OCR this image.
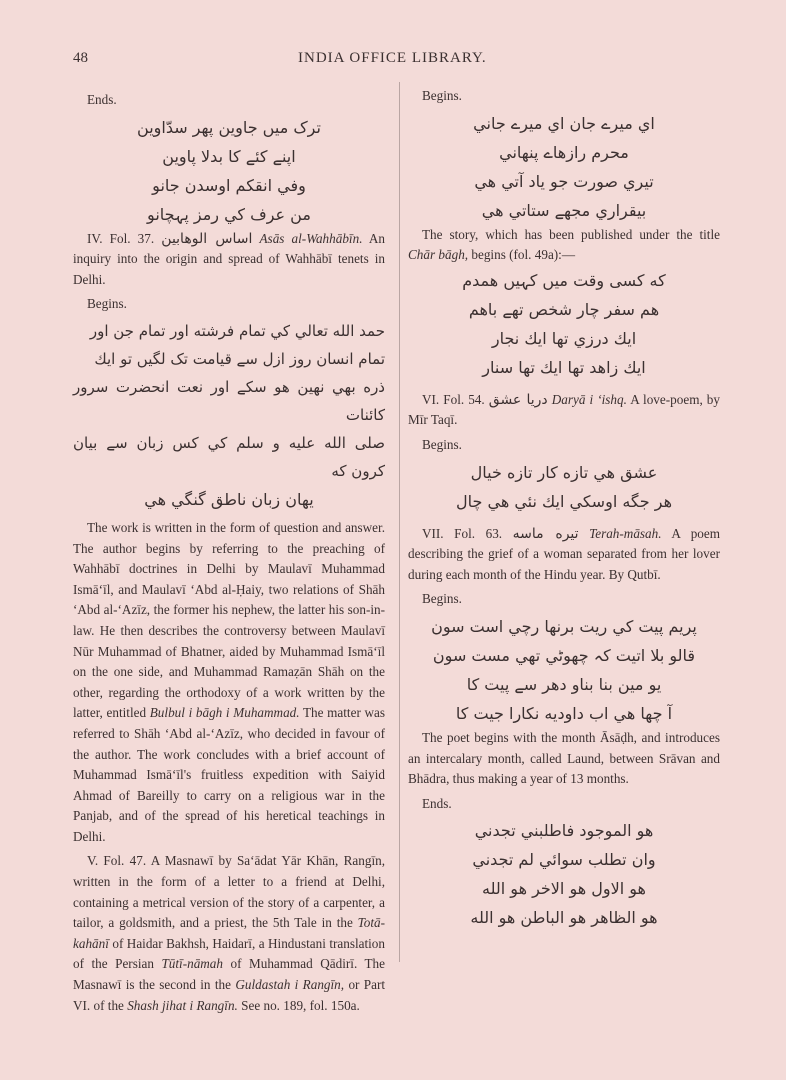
48	INDIA OFFICE LIBRARY.
Ends.

ترک میں جاوین پھر سدّاوین

اپنے کئے کا بدلا پاوین

وفي انقکم اوسدن جانو

من عرف کي رمز پہچانو

IV. Fol. 37. اساس الوهابين Asās al-Wahhābīn. An inquiry into the origin and spread of Wahhābī tenets in Delhi.

Begins.

حمد الله تعالي کي تمام فرشته اور تمام جن اور

تمام انسان روز ازل سے قیامت تک لگیں تو ایك

ذره بهي نهين هو سکے اور نعت انحضرت سرور کائنات

صلی الله علیه و سلم کي کس زبان سے بیان کرون که

یهان زبان ناطق گنگي هي

The work is written in the form of question and answer. The author begins by referring to the preaching of Wahhābī doctrines in Delhi by Maulavī Muhammad Ismā‘īl, and Maulavī ‘Abd al-Ḥaiy, two relations of Shāh ‘Abd al-‘Azīz, the former his nephew, the latter his son-in-law. He then describes the controversy between Maulavī Nūr Muhammad of Bhatner, aided by Muhammad Ismā‘īl on the one side, and Muhammad Ramaẓān Shāh on the other, regarding the orthodoxy of a work written by the latter, entitled Bulbul i bāgh i Muhammad. The matter was referred to Shāh ‘Abd al-‘Azīz, who decided in favour of the author. The work concludes with a brief account of Muhammad Ismā‘īl's fruitless expedition with Saiyid Ahmad of Bareilly to carry on a religious war in the Panjab, and of the spread of his heretical teachings in Delhi.

V. Fol. 47. A Masnawī by Sa‘ādat Yār Khān, Rangīn, written in the form of a letter to a friend at Delhi, containing a metrical version of the story of a carpenter, a tailor, a goldsmith, and a priest, the 5th Tale in the Totā-kahānī of Haidar Bakhsh, Haidarī, a Hindustani translation of the Persian Tūtī-nāmah of Muhammad Qādirī. The Masnawī is the second in the Guldastah i Rangīn, or Part VI. of the Shash jihat i Rangīn. See no. 189, fol. 150a.

Begins.

اي میرے جان اي میرے جاني

محرم رازهاے پنهاني

تیري صورت جو یاد آتي هي

بیقراري مجهے ستاتي هي

The story, which has been published under the title Chār bāgh, begins (fol. 49a):—

که کسی وقت میں کہیں همدم

هم سفر چار شخص تھے باهم

ایك درزي تها ایك نجار

ایك زاهد تها ایك تها سنار

VI. Fol. 54. دریا عشق Daryā i ‘ishq. A love-poem, by Mīr Taqī.

Begins.

عشق هي تازه کار تازه خیال

هر جگه اوسکي ایك نئي هي چال

VII. Fol. 63. تیره ماسه Terah-māsah. A poem describing the grief of a woman separated from her lover during each month of the Hindu year. By Qutbī.

Begins.

پریم پیت کي ریت برنها رچي است سون

قالو بلا اتیت کہ چهوٹي تهي مست سون

یو مین بنا بناو دهر سے پیت کا

آ چها هي اب داودیه نکارا جیت کا

The poet begins with the month Āsāḍh, and introduces an intercalary month, called Laund, between Srāvan and Bhādra, thus making a year of 13 months.

Ends.

هو الموجود فاطلبني تجدني

وان تطلب سوائي لم تجدني

هو الاول هو الاخر هو الله

هو الظاهر هو الباطن هو الله
